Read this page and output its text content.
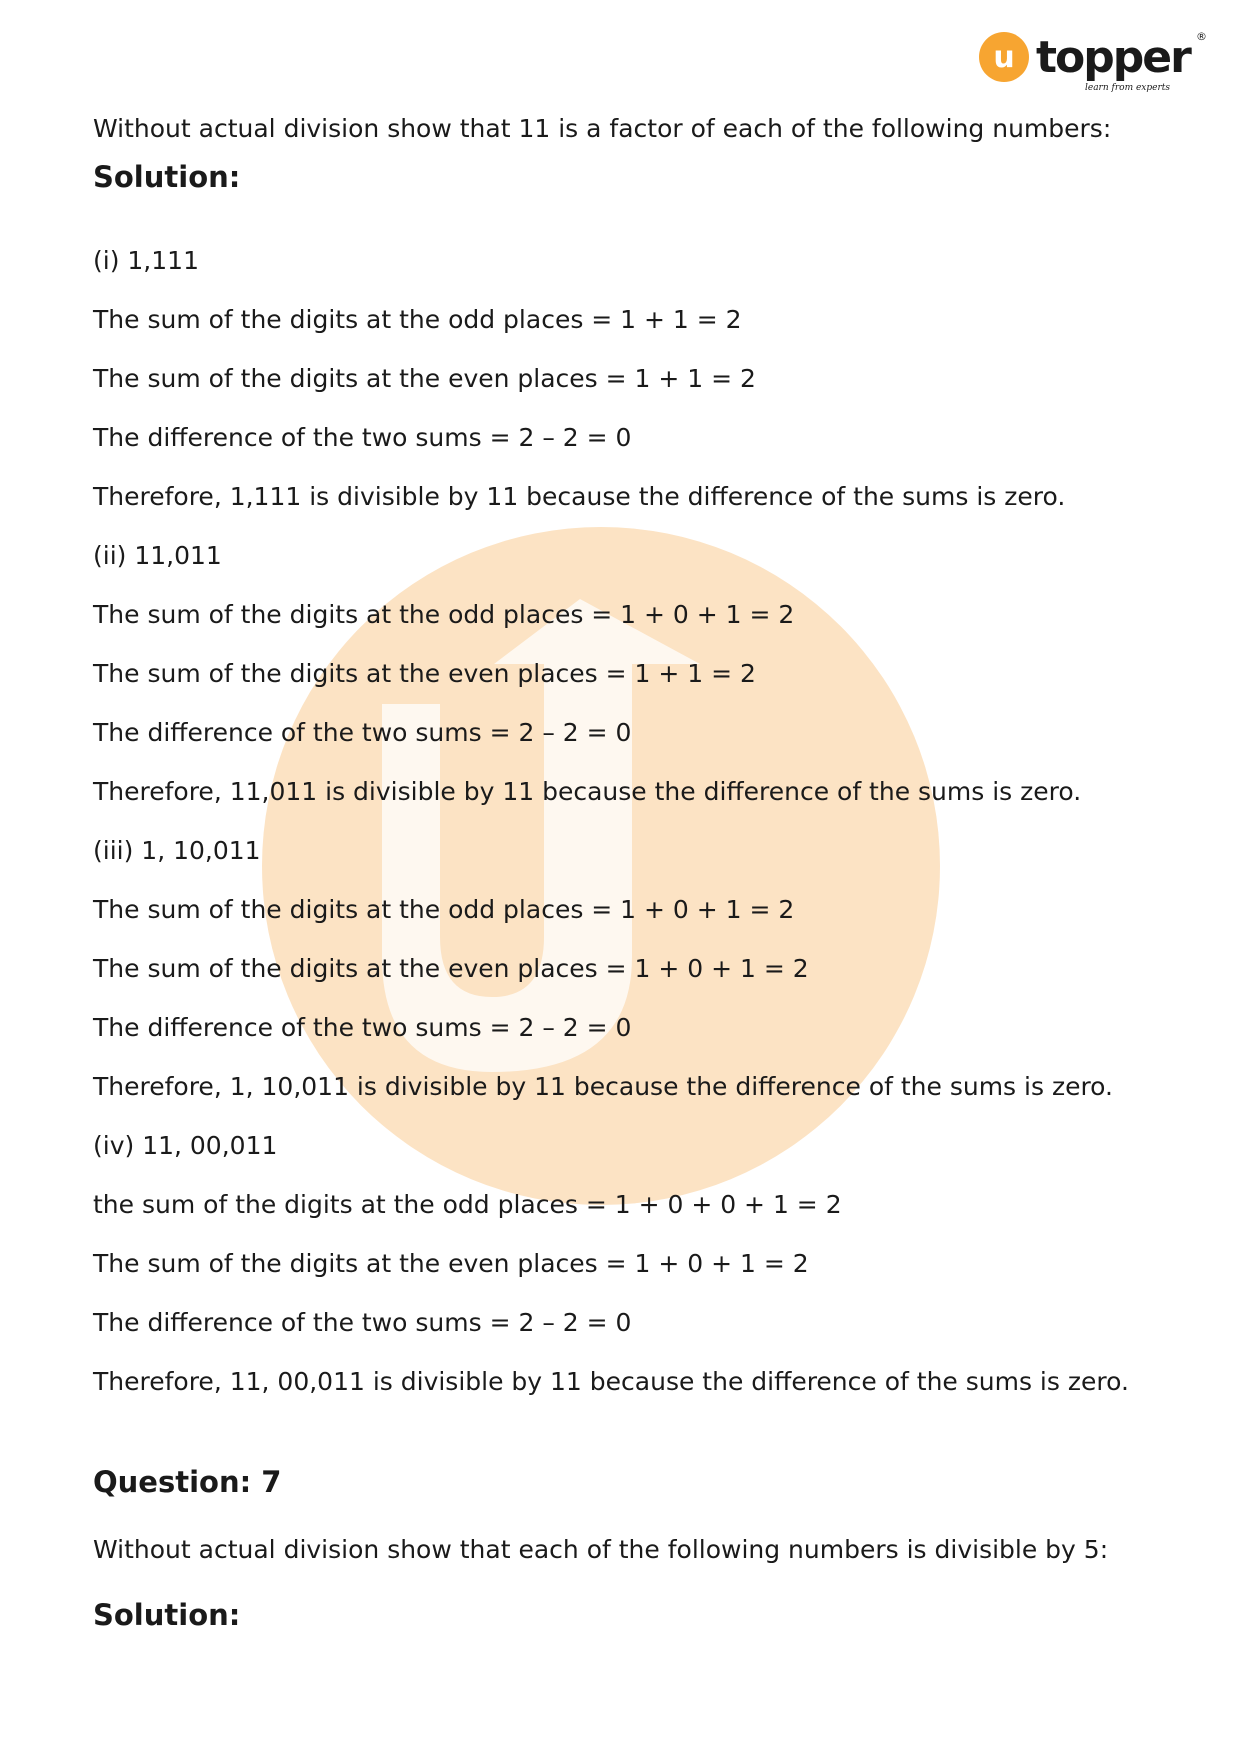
u topper ®
learn from experts
Without actual division show that 11 is a factor of each of the following numbers:
Solution:
(i) 1,111
The sum of the digits at the odd places = 1 + 1 = 2
The sum of the digits at the even places = 1 + 1 = 2
The difference of the two sums = 2 – 2 = 0
Therefore, 1,111 is divisible by 11 because the difference of the sums is zero.
(ii) 11,011
The sum of the digits at the odd places = 1 + 0 + 1 = 2
The sum of the digits at the even places = 1 + 1 = 2
The difference of the two sums = 2 – 2 = 0
Therefore, 11,011 is divisible by 11 because the difference of the sums is zero.
(iii) 1, 10,011
The sum of the digits at the odd places = 1 + 0 + 1 = 2
The sum of the digits at the even places = 1 + 0 + 1 = 2
The difference of the two sums = 2 – 2 = 0
Therefore, 1, 10,011 is divisible by 11 because the difference of the sums is zero.
(iv) 11, 00,011
the sum of the digits at the odd places = 1 + 0 + 0 + 1 = 2
The sum of the digits at the even places = 1 + 0 + 1 = 2
The difference of the two sums = 2 – 2 = 0
Therefore, 11, 00,011 is divisible by 11 because the difference of the sums is zero.
Question: 7
Without actual division show that each of the following numbers is divisible by 5:
Solution:
